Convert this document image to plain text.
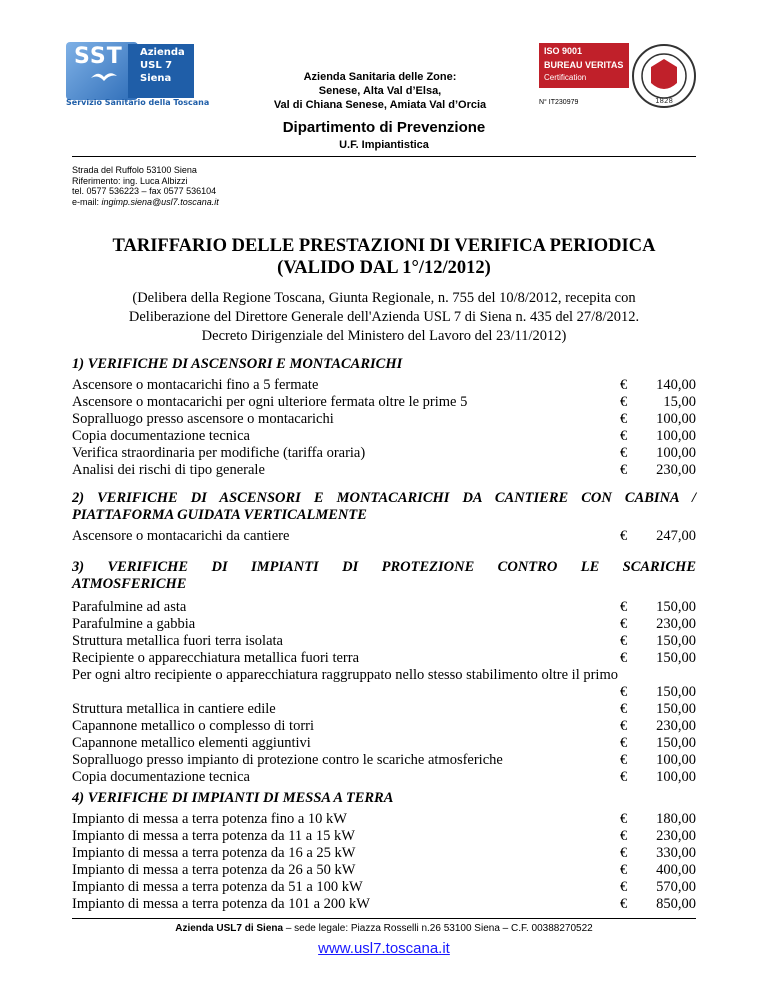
SST Azienda
USL 7
Siena
Servizio Sanitario della Toscana
Azienda Sanitaria delle Zone:
Senese, Alta Val d’Elsa,
Val di Chiana Senese, Amiata Val d’Orcia
ISO 9001
BUREAU VERITAS
Certification
N° IT230979	1828
Dipartimento di Prevenzione
U.F. Impiantistica
Strada del Ruffolo 53100 Siena
Riferimento: ing. Luca Albizzi
tel. 0577 536223 – fax 0577 536104
e-mail: ingimp.siena@usl7.toscana.it
TARIFFARIO DELLE PRESTAZIONI DI VERIFICA PERIODICA
(VALIDO DAL 1°/12/2012)
(Delibera della Regione Toscana, Giunta Regionale, n. 755 del 10/8/2012, recepita con
Deliberazione del Direttore Generale dell'Azienda USL 7 di Siena n. 435 del 27/8/2012.
Decreto Dirigenziale del Ministero del Lavoro del 23/11/2012)
1) VERIFICHE DI ASCENSORI E MONTACARICHI
Ascensore o montacarichi fino a 5 fermate	€ 140,00
Ascensore o montacarichi per ogni ulteriore fermata oltre le prime 5	€ 15,00
Sopralluogo presso ascensore o montacarichi	€ 100,00
Copia documentazione tecnica	€ 100,00
Verifica straordinaria per modifiche (tariffa oraria)	€ 100,00
Analisi dei rischi di tipo generale	€ 230,00
2) VERIFICHE DI ASCENSORI E MONTACARICHI DA CANTIERE CON CABINA /
PIATTAFORMA GUIDATA VERTICALMENTE
Ascensore o montacarichi da cantiere	€ 247,00
3) VERIFICHE DI IMPIANTI DI PROTEZIONE CONTRO LE SCARICHE
ATMOSFERICHE
Parafulmine ad asta	€ 150,00
Parafulmine a gabbia	€ 230,00
Struttura metallica fuori terra isolata	€ 150,00
Recipiente o apparecchiatura metallica fuori terra	€ 150,00
Per ogni altro recipiente o apparecchiatura raggruppato nello stesso stabilimento oltre il primo
€ 150,00
Struttura metallica in cantiere edile	€ 150,00
Capannone metallico o complesso di torri	€ 230,00
Capannone metallico elementi aggiuntivi	€ 150,00
Sopralluogo presso impianto di protezione contro le scariche atmosferiche	€ 100,00
Copia documentazione tecnica	€ 100,00
4) VERIFICHE DI IMPIANTI DI MESSA A TERRA
Impianto di messa a terra potenza fino a 10 kW	€ 180,00
Impianto di messa a terra potenza da 11 a 15 kW	€ 230,00
Impianto di messa a terra potenza da 16 a 25 kW	€ 330,00
Impianto di messa a terra potenza da 26 a 50 kW	€ 400,00
Impianto di messa a terra potenza da 51 a 100 kW	€ 570,00
Impianto di messa a terra potenza da 101 a 200 kW	€ 850,00
Azienda USL7 di Siena – sede legale: Piazza Rosselli n.26 53100 Siena – C.F. 00388270522
www.usl7.toscana.it
